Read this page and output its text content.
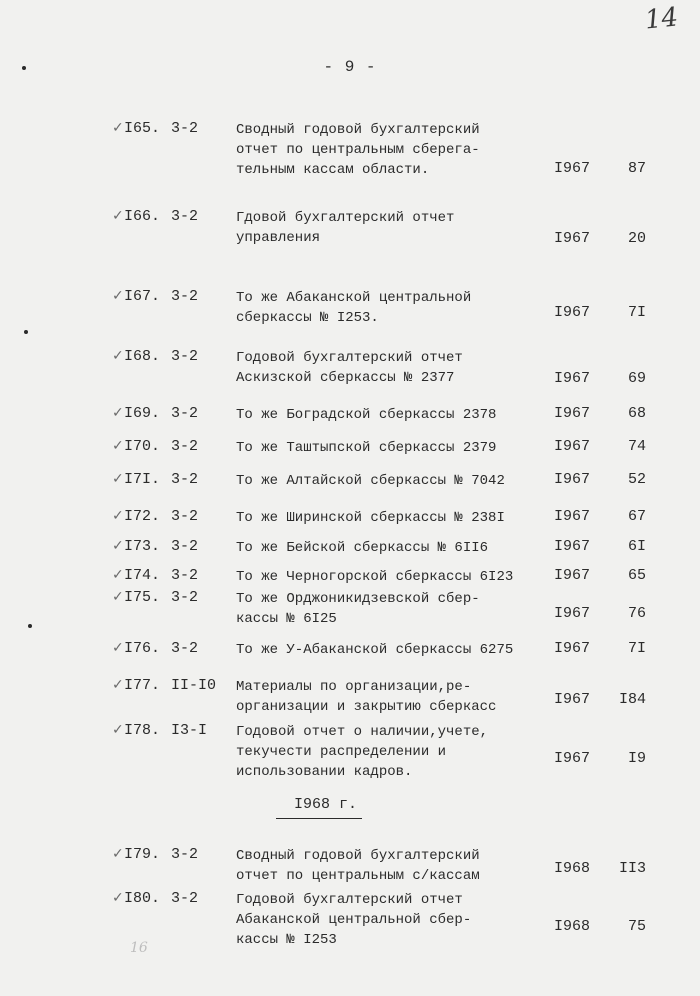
14
- 9 -
✓ I65. 3-2	Сводный годовой бухгалтерский
отчет по центральным сберега-
тельным кассам области.	I967	87
✓ I66. 3-2	Гдовой бухгалтерский отчет
управления	I967	20
✓ I67. 3-2	То же Абаканской центральной
сберкассы № I253.	I967	7I
✓ I68. 3-2	Годовой бухгалтерский отчет
Аскизской сберкассы № 2377	I967	69
✓ I69. 3-2	То же Боградской сберкассы 2378	I967	68
✓ I70. 3-2	То же Таштыпской сберкассы 2379	I967	74
✓ I7I. 3-2	То же Алтайской сберкассы № 7042	I967	52
✓ I72. 3-2	То же Ширинской сберкассы № 238I	I967	67
✓ I73. 3-2	То же Бейской сберкассы № 6II6	I967	6I
✓ I74. 3-2	То же Черногорской сберкассы 6I23	I967	65
✓ I75. 3-2	То же Орджоникидзевской сбер-
кассы № 6I25	I967	76
✓ I76. 3-2	То же У-Абаканской сберкассы 6275	I967	7I
✓ I77. II-I0 Материалы по организации,ре-
организации и закрытию сберкасс	I967	I84
✓ I78. I3-I Годовой отчет о наличии,учете,
текучести распределении и
использовании кадров.
I967	I9
I968 г.
✓ I79. 3-2	Сводный годовой бухгалтерский
отчет по центральным с/кассам	I968	II3
✓ I80. 3-2	Годовой бухгалтерский отчет
Абаканской центральной сбер-
кассы № I253
I968	75
16
